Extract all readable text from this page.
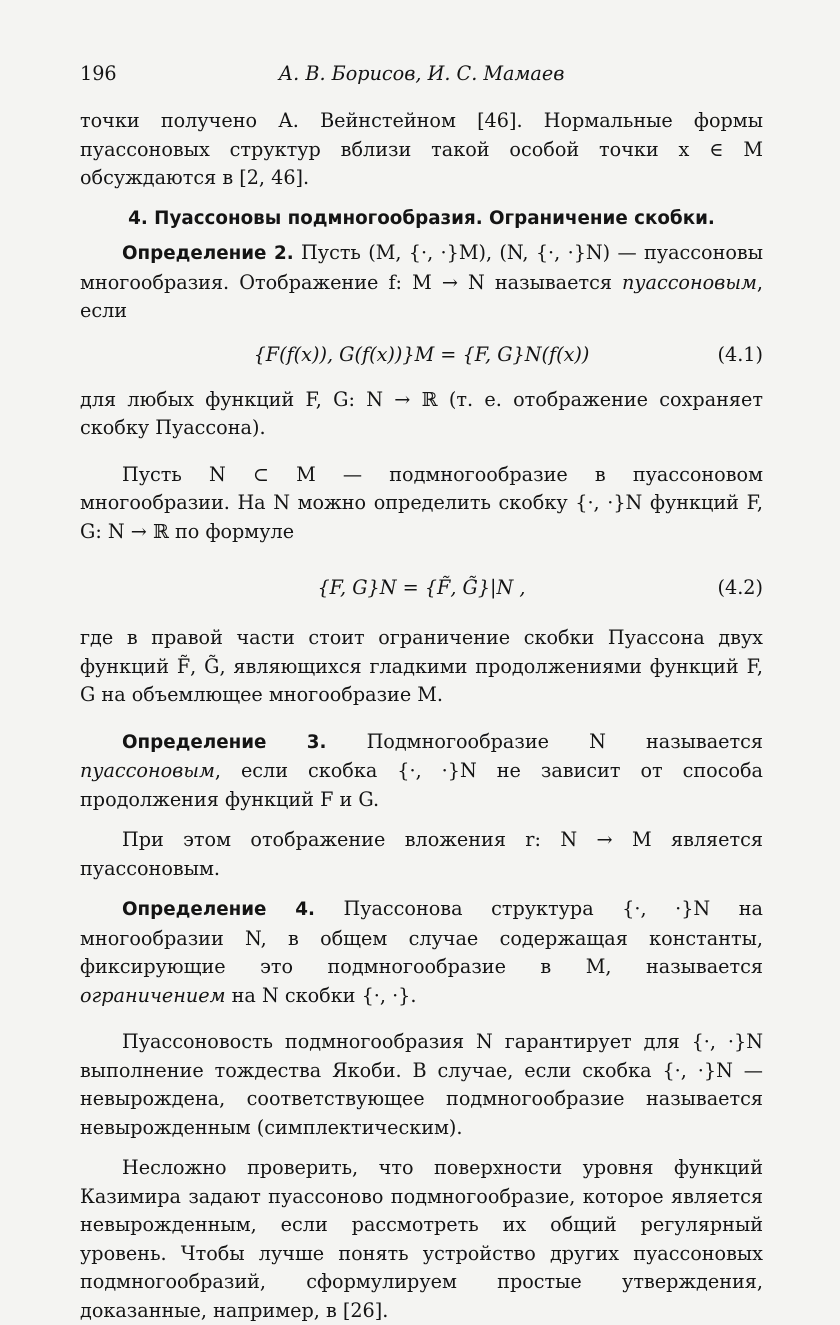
196	А. В. Борисов, И. С. Мамаев

точки получено А. Вейнстейном [46]. Нормальные формы пуассоновых структур вблизи такой особой точки x ∈ M обсуждаются в [2, 46].

4. Пуассоновы подмногообразия. Ограничение скобки.

Определение 2. Пусть (M, {·, ·}M), (N, {·, ·}N) — пуассоновы многообразия. Отображение f: M → N называется пуассоновым, если

{F(f(x)), G(f(x))}M = {F, G}N(f(x))	(4.1)

для любых функций F, G: N → ℝ (т. е. отображение сохраняет скобку Пуассона).

Пусть N ⊂ M — подмногообразие в пуассоновом многообразии. На N можно определить скобку {·, ·}N функций F, G: N → ℝ по формуле

{F, G}N = {F̃, G̃}|N ,	(4.2)

где в правой части стоит ограничение скобки Пуассона двух функций F̃, G̃, являющихся гладкими продолжениями функций F, G на объемлющее многообразие M.

Определение 3. Подмногообразие N называется пуассоновым, если скобка {·, ·}N не зависит от способа продолжения функций F и G.

При этом отображение вложения r: N → M является пуассоновым.

Определение 4. Пуассонова структура {·, ·}N на многообразии N, в общем случае содержащая константы, фиксирующие это подмногообразие в M, называется ограничением на N скобки {·, ·}.

Пуассоновость подмногообразия N гарантирует для {·, ·}N выполнение тождества Якоби. В случае, если скобка {·, ·}N — невырождена, соответствующее подмногообразие называется невырожденным (симплектическим).

Несложно проверить, что поверхности уровня функций Казимира задают пуассоново подмногообразие, которое является невырожденным, если рассмотреть их общий регулярный уровень. Чтобы лучше понять устройство других пуассоновых подмногообразий, сформулируем простые утверждения, доказанные, например, в [26].
